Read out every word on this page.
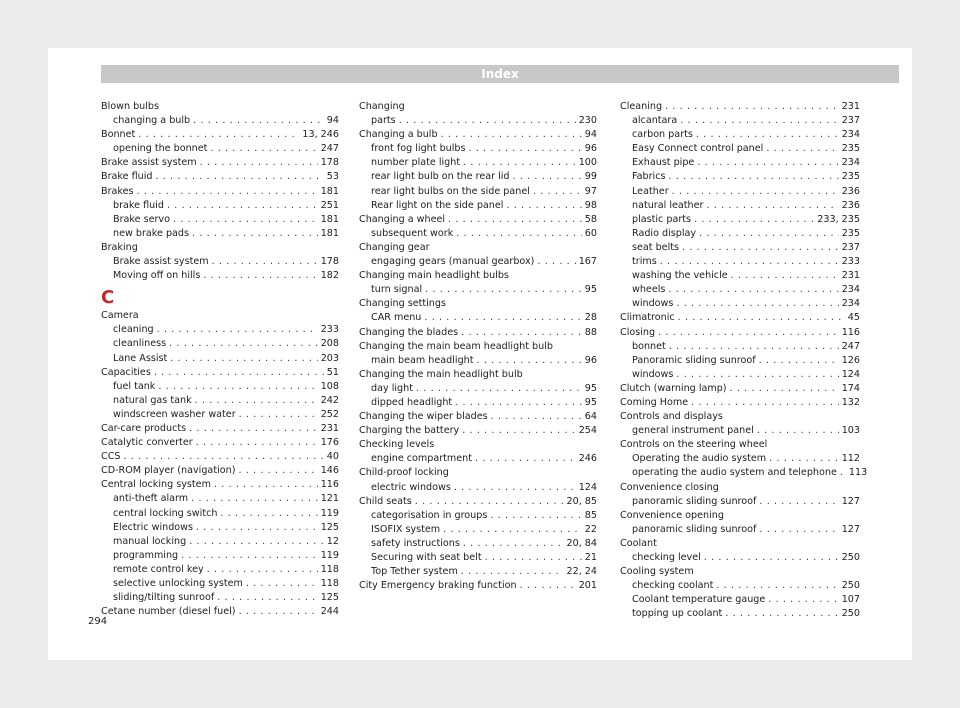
Index
Blown bulbs
changing a bulb . . .	94
Bonnet . . .	13, 246
opening the bonnet . . .	247
Brake assist system . . .	178
Brake fluid . . .	53
Brakes . . .	181
brake fluid . . .	251
Brake servo . . .	181
new brake pads . . .	181
Braking
Brake assist system . . .	178
Moving off on hills . . .	182
C
Camera
cleaning . . .	233
cleanliness . . .	208
Lane Assist . . .	203
Capacities . . .	51
fuel tank . . .	108
natural gas tank . . .	242
windscreen washer water . . .	252
Car-care products . . .	231
Catalytic converter . . .	176
CCS . . .	40
CD-ROM player (navigation) . . .	146
Central locking system . . .	116
anti-theft alarm . . .	121
central locking switch . . .	119
Electric windows . . .	125
manual locking . . .	12
programming . . .	119
remote control key . . .	118
selective unlocking system . . .	118
sliding/tilting sunroof . . .	125
Cetane number (diesel fuel) . . .	244
Changing
parts . . .	230
Changing a bulb . . .	94
front fog light bulbs . . .	96
number plate light . . .	100
rear light bulb on the rear lid . . .	99
rear light bulbs on the side panel . . .	97
Rear light on the side panel . . .	98
Changing a wheel . . .	58
subsequent work . . .	60
Changing gear
engaging gears (manual gearbox) . . .	167
Changing main headlight bulbs
turn signal . . .	95
Changing settings
CAR menu . . .	28
Changing the blades . . .	88
Changing the main beam headlight bulb
main beam headlight . . .	96
Changing the main headlight bulb
day light . . .	95
dipped headlight . . .	95
Changing the wiper blades . . .	64
Charging the battery . . .	254
Checking levels
engine compartment . . .	246
Child-proof locking
electric windows . . .	124
Child seats . . .	20, 85
categorisation in groups . . .	85
ISOFIX system . . .	22
safety instructions . . .	20, 84
Securing with seat belt . . .	21
Top Tether system . . .	22, 24
City Emergency braking function . . .	201
Cleaning . . .	231
alcantara . . .	237
carbon parts . . .	234
Easy Connect control panel . . .	235
Exhaust pipe . . .	234
Fabrics . . .	235
Leather . . .	236
natural leather . . .	236
plastic parts . . .	233, 235
Radio display . . .	235
seat belts . . .	237
trims . . .	233
washing the vehicle . . .	231
wheels . . .	234
windows . . .	234
Climatronic . . .	45
Closing . . .	116
bonnet . . .	247
Panoramic sliding sunroof . . .	126
windows . . .	124
Clutch (warning lamp) . . .	174
Coming Home . . .	132
Controls and displays
general instrument panel . . .	103
Controls on the steering wheel
Operating the audio system . . .	112
operating the audio system and telephone . . . 113
Convenience closing
panoramic sliding sunroof . . .	127
Convenience opening
panoramic sliding sunroof . . .	127
Coolant
checking level . . .	250
Cooling system
checking coolant . . .	250
Coolant temperature gauge . . .	107
topping up coolant . . .	250
294
